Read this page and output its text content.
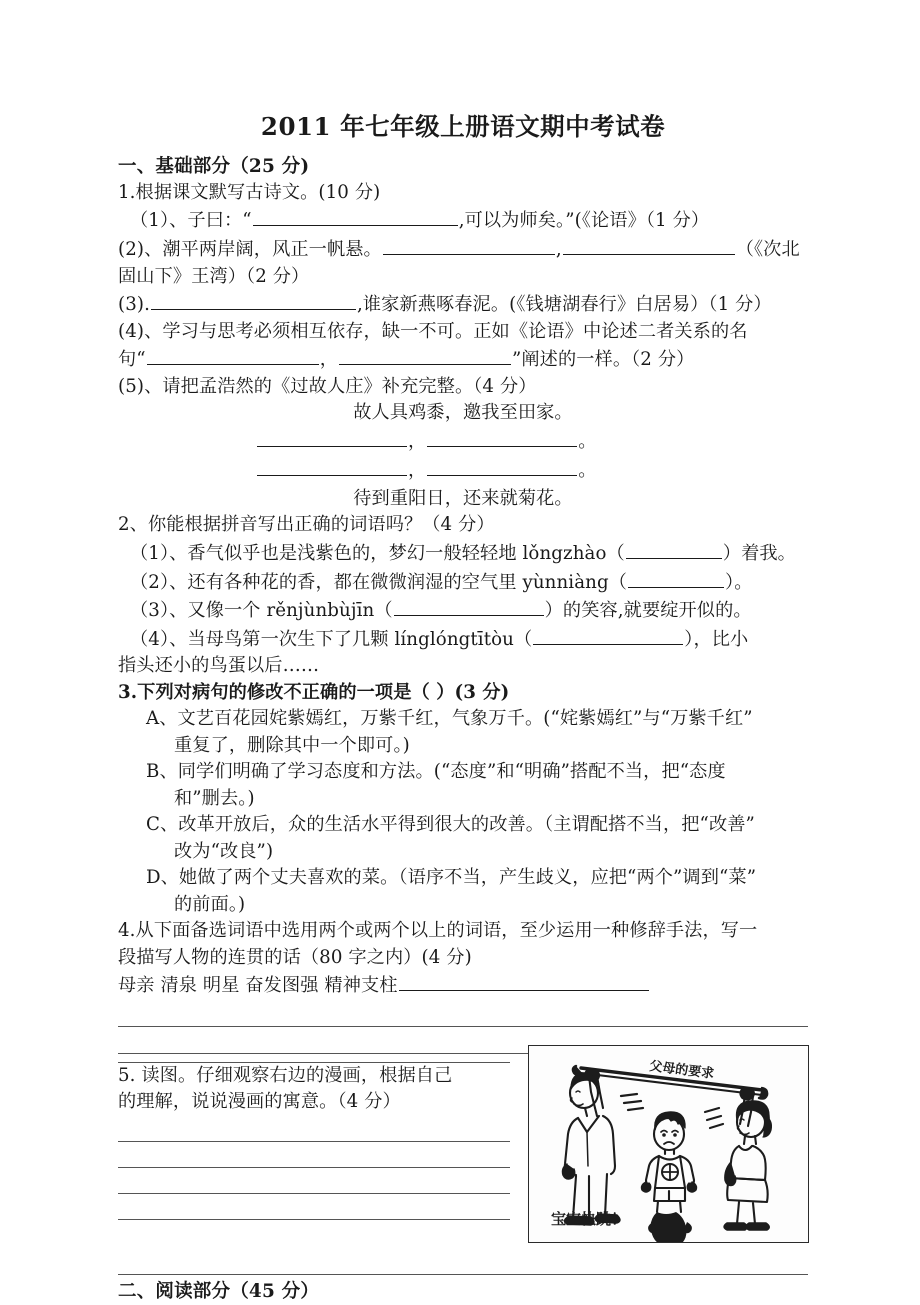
2011 年七年级上册语文期中考试卷
一、基础部分（25 分)
1.根据课文默写古诗文。(10 分)
（1）、子曰：“	,可以为师矣。”(《论语》（1 分）
(2)、潮平两岸阔，风正一帆悬。	,	（《次北固山下》王湾）（2 分）
(3).	,谁家新燕啄春泥。(《钱塘湖春行》白居易）（1 分）
(4)、学习与思考必须相互依存，缺一不可。正如《论语》中论述二者关系的名
句“	，	”阐述的一样。（2 分）
(5)、请把孟浩然的《过故人庄》补充完整。（4 分）
故人具鸡黍，邀我至田家。
，	。
，	。
待到重阳日，还来就菊花。
2、你能根据拼音写出正确的词语吗？（4 分）
（1）、香气似乎也是浅紫色的，梦幻一般轻轻地 lǒngzhào（	）着我。
（2）、还有各种花的香，都在微微润湿的空气里 yùnniàng（	）。
（3）、又像一个 rěnjùnbùjīn（	）的笑容,就要绽开似的。
（4）、当母鸟第一次生下了几颗 línglóngtītòu（	），比小
指头还小的鸟蛋以后……
3.下列对病句的修改不正确的一项是（ ）(3 分)
A、文艺百花园姹紫嫣红，万紫千红，气象万千。(“姹紫嫣红”与“万紫千红”
重复了，删除其中一个即可。)
B、同学们明确了学习态度和方法。(“态度”和“明确”搭配不当，把“态度
和”删去。)
C、改革开放后，众的生活水平得到很大的改善。（主谓配搭不当，把“改善”
改为“改良”)
D、她做了两个丈夫喜欢的菜。（语序不当，产生歧义，应把“两个”调到“菜”
的前面。)
4.从下面备选词语中选用两个或两个以上的词语，至少运用一种修辞手法，写一
段描写人物的连贯的话（80 字之内）(4 分)
母亲 清泉 明星 奋发图强 精神支柱
5. 读图。仔细观察右边的漫画，根据自己
的理解，说说漫画的寓意。（4 分）
父母的要求
宝宝快跳！
二、阅读部分（45 分）
